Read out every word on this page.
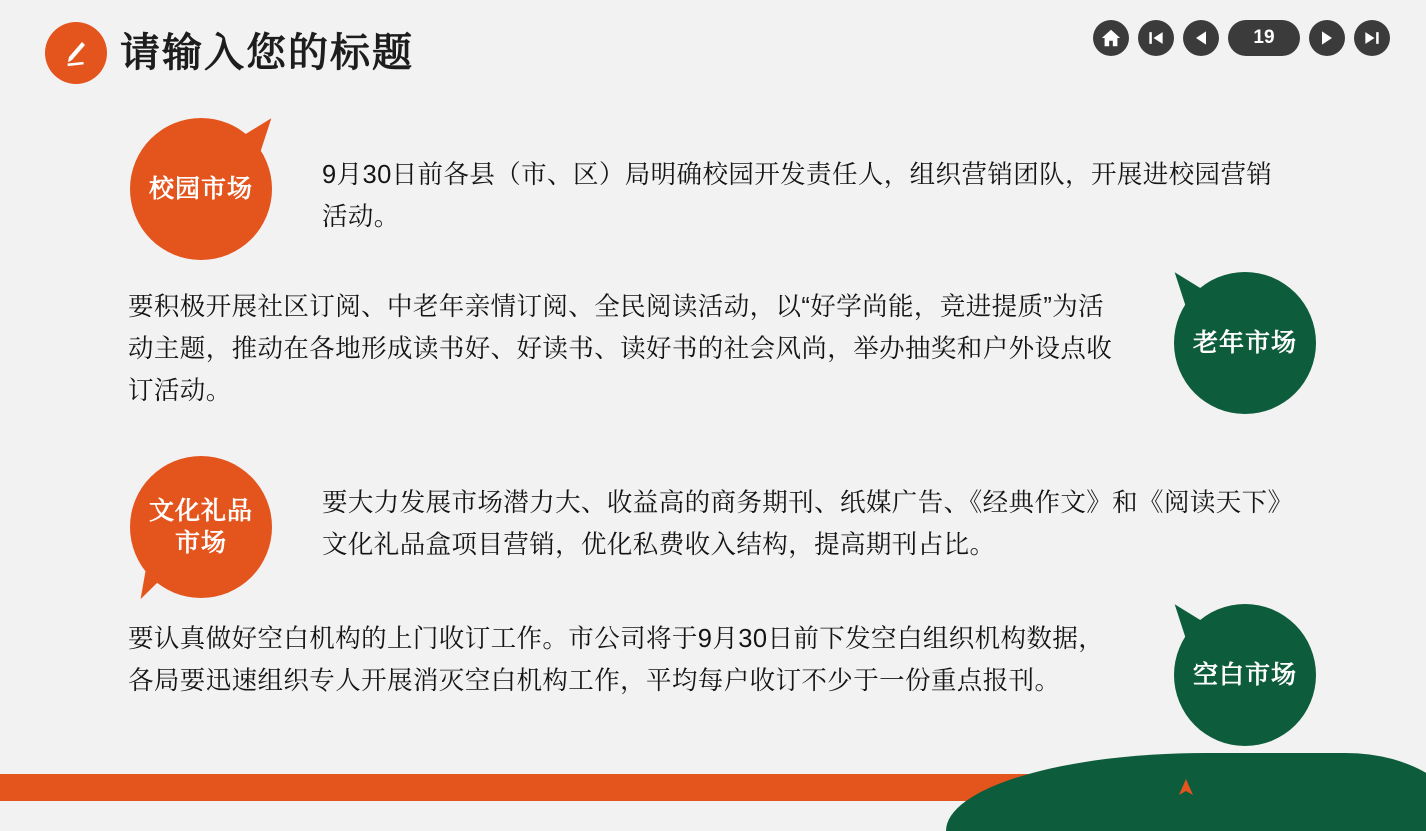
请输入您的标题	19
校园市场	9月30日前各县（市、区）局明确校园开发责任人，组织营销团队，开展进校园营销活动。
要积极开展社区订阅、中老年亲情订阅、全民阅读活动，以“好学尚能，竞进提质”为活动主题，推动在各地形成读书好、好读书、读好书的社会风尚，举办抽奖和户外设点收订活动。
老年市场
文化礼品
市场
要大力发展市场潜力大、收益高的商务期刊、纸媒广告、《经典作文》和《阅读天下》文化礼品盒项目营销，优化私费收入结构，提高期刊占比。
要认真做好空白机构的上门收订工作。市公司将于9月30日前下发空白组织机构数据，各局要迅速组织专人开展消灭空白机构工作，平均每户收订不少于一份重点报刊。	空白市场
